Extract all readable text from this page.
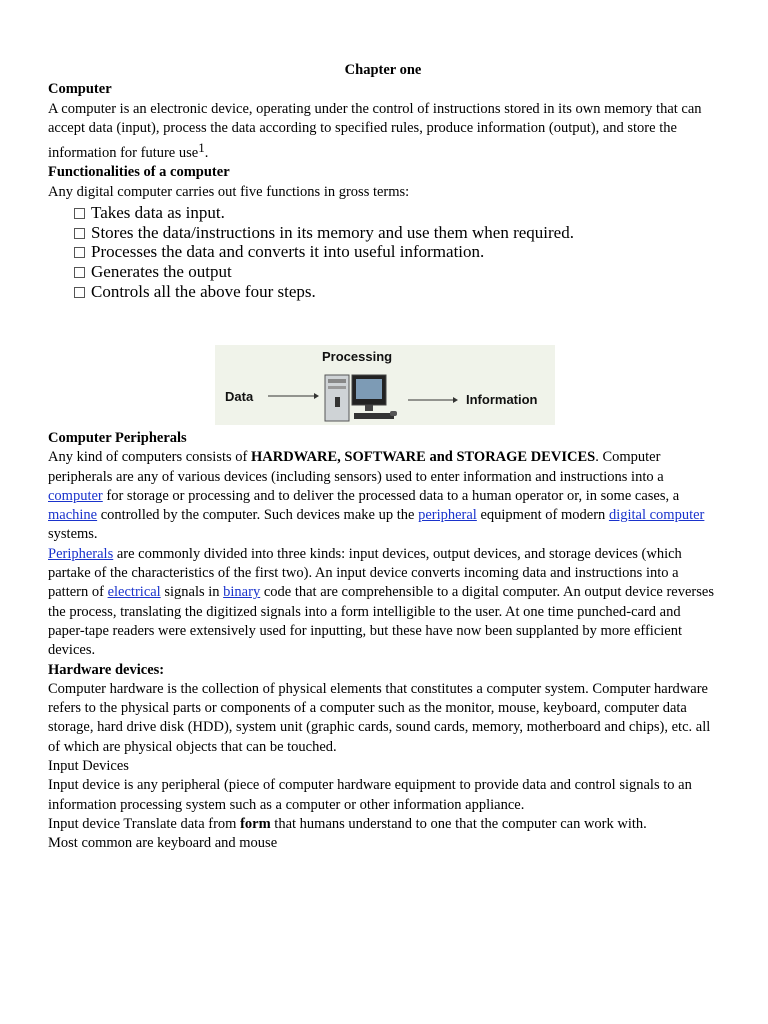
Chapter one

Computer

A computer is an electronic device, operating under the control of instructions stored in its own memory that can accept data (input), process the data according to specified rules, produce information (output), and store the information for future use1.

Functionalities of a computer

Any digital computer carries out five functions in gross terms:

Takes data as input.
Stores the data/instructions in its memory and use them when required.
Processes the data and converts it into useful information.
Generates the output
Controls all the above four steps.
Processing
Data	Information

Computer Peripherals

Any kind of computers consists of HARDWARE, SOFTWARE and STORAGE DEVICES. Computer peripherals are any of various devices (including sensors) used to enter information and instructions into a computer for storage or processing and to deliver the processed data to a human operator or, in some cases, a machine controlled by the computer. Such devices make up the peripheral equipment of modern digital computer systems.

Peripherals are commonly divided into three kinds: input devices, output devices, and storage devices (which partake of the characteristics of the first two). An input device converts incoming data and instructions into a pattern of electrical signals in binary code that are comprehensible to a digital computer. An output device reverses the process, translating the digitized signals into a form intelligible to the user. At one time punched-card and paper-tape readers were extensively used for inputting, but these have now been supplanted by more efficient devices.

Hardware devices:

Computer hardware is the collection of physical elements that constitutes a computer system. Computer hardware refers to the physical parts or components of a computer such as the monitor, mouse, keyboard, computer data storage, hard drive disk (HDD), system unit (graphic cards, sound cards, memory, motherboard and chips), etc. all of which are physical objects that can be touched.

Input Devices

Input device is any peripheral (piece of computer hardware equipment to provide data and control signals to an information processing system such as a computer or other information appliance.

Input device Translate data from form that humans understand to one that the computer can work with.

Most common are keyboard and mouse
